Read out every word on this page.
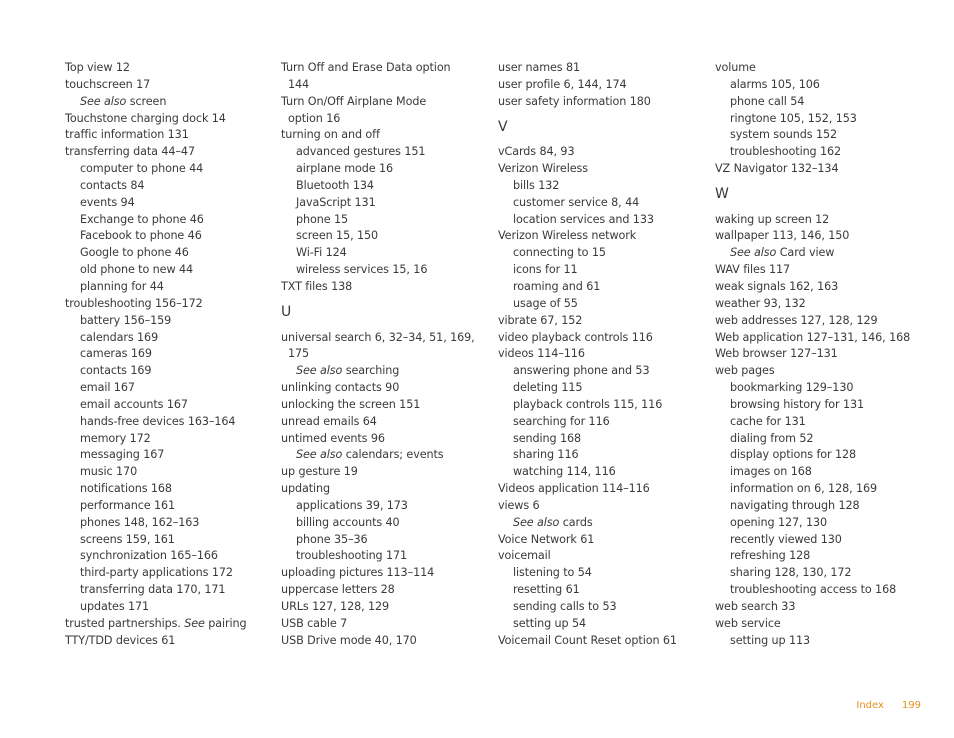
Top view 12
touchscreen 17
See also screen
Touchstone charging dock 14
traffic information 131
transferring data 44–47
computer to phone 44
contacts 84
events 94
Exchange to phone 46
Facebook to phone 46
Google to phone 46
old phone to new 44
planning for 44
troubleshooting 156–172
battery 156–159
calendars 169
cameras 169
contacts 169
email 167
email accounts 167
hands-free devices 163–164
memory 172
messaging 167
music 170
notifications 168
performance 161
phones 148, 162–163
screens 159, 161
synchronization 165–166
third-party applications 172
transferring data 170, 171
updates 171
trusted partnerships. See pairing
TTY/TDD devices 61
Turn Off and Erase Data option
144
Turn On/Off Airplane Mode
option 16
turning on and off
advanced gestures 151
airplane mode 16
Bluetooth 134
JavaScript 131
phone 15
screen 15, 150
Wi-Fi 124
wireless services 15, 16
TXT files 138
U
universal search 6, 32–34, 51, 169,
175
See also searching
unlinking contacts 90
unlocking the screen 151
unread emails 64
untimed events 96
See also calendars; events
up gesture 19
updating
applications 39, 173
billing accounts 40
phone 35–36
troubleshooting 171
uploading pictures 113–114
uppercase letters 28
URLs 127, 128, 129
USB cable 7
USB Drive mode 40, 170
user names 81
user profile 6, 144, 174
user safety information 180
V
vCards 84, 93
Verizon Wireless
bills 132
customer service 8, 44
location services and 133
Verizon Wireless network
connecting to 15
icons for 11
roaming and 61
usage of 55
vibrate 67, 152
video playback controls 116
videos 114–116
answering phone and 53
deleting 115
playback controls 115, 116
searching for 116
sending 168
sharing 116
watching 114, 116
Videos application 114–116
views 6
See also cards
Voice Network 61
voicemail
listening to 54
resetting 61
sending calls to 53
setting up 54
Voicemail Count Reset option 61
volume
alarms 105, 106
phone call 54
ringtone 105, 152, 153
system sounds 152
troubleshooting 162
VZ Navigator 132–134
W
waking up screen 12
wallpaper 113, 146, 150
See also Card view
WAV files 117
weak signals 162, 163
weather 93, 132
web addresses 127, 128, 129
Web application 127–131, 146, 168
Web browser 127–131
web pages
bookmarking 129–130
browsing history for 131
cache for 131
dialing from 52
display options for 128
images on 168
information on 6, 128, 169
navigating through 128
opening 127, 130
recently viewed 130
refreshing 128
sharing 128, 130, 172
troubleshooting access to 168
web search 33
web service
setting up 113
Index 199
